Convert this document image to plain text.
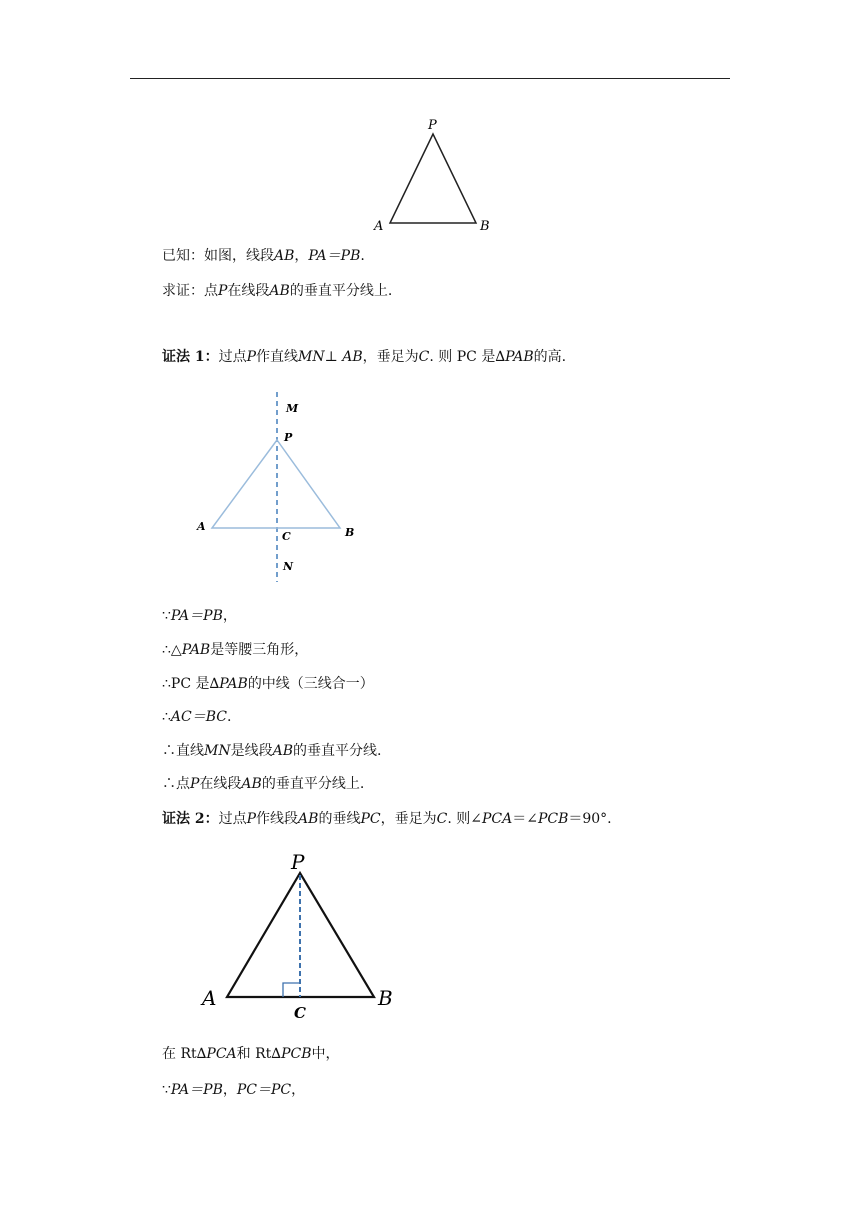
P
A	B
已知：如图，线段AB，PA＝PB.
求证：点P在线段AB的垂直平分线上.
证法 1：过点P作直线MN⊥ AB，垂足为C. 则 PC 是∆PAB的高.
M
P
A
C	B
N
∵PA＝PB，
∴△PAB是等腰三角形，
∴PC 是∆PAB的中线（三线合一）
∴AC＝BC.
∴直线MN是线段AB的垂直平分线.
∴点P在线段AB的垂直平分线上.
证法 2：过点P作线段AB的垂线PC，垂足为C. 则∠PCA＝∠PCB＝90°.
P
A
C
B
在 Rt∆PCA和 Rt∆PCB中，
∵PA＝PB，PC＝PC，
